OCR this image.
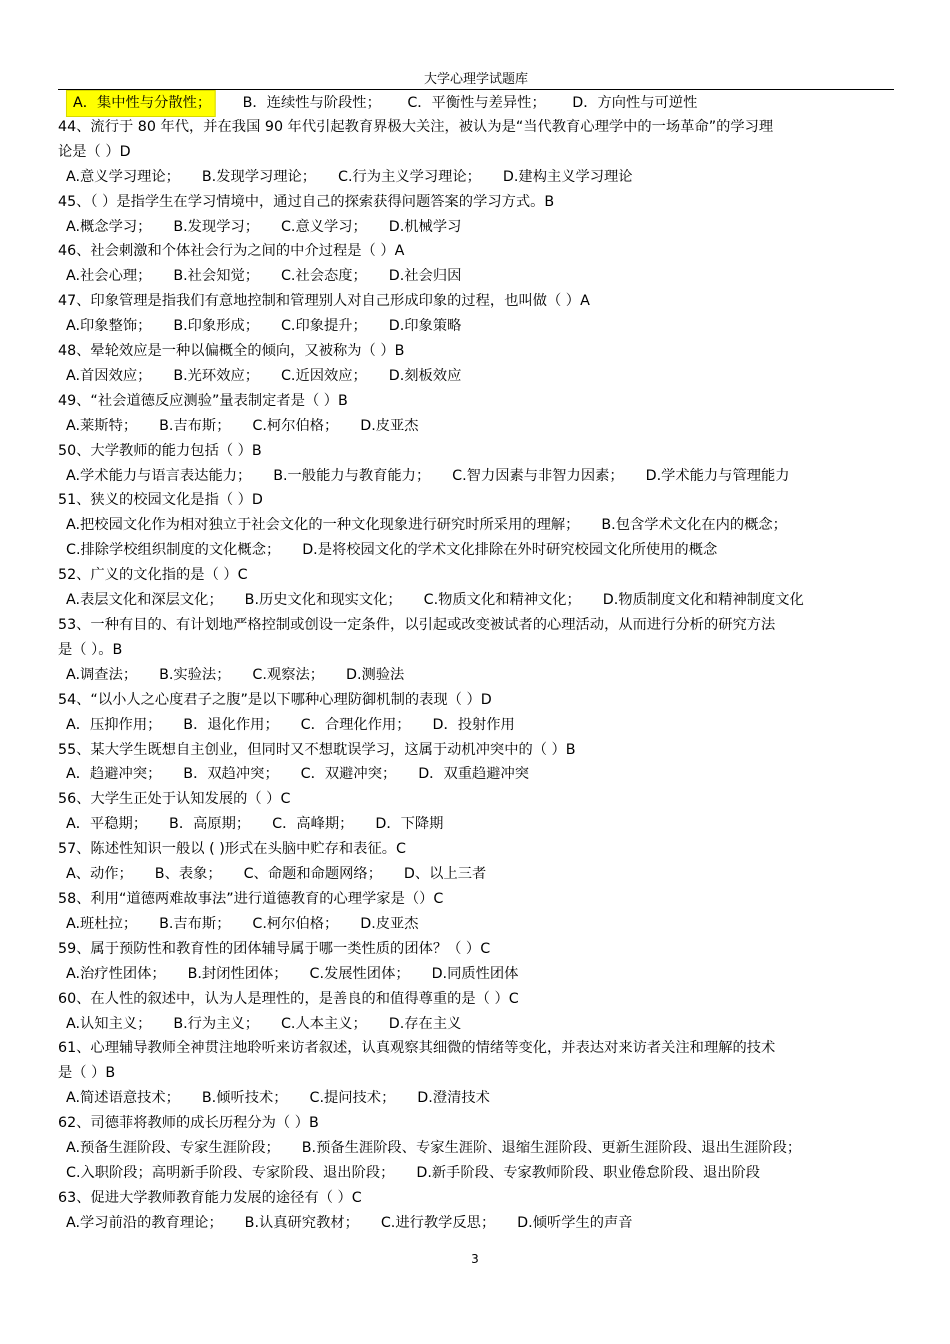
大学心理学试题库
A．集中性与分散性； B．连续性与阶段性； C．平衡性与差异性； D．方向性与可逆性
44、流行于 80 年代，并在我国 90 年代引起教育界极大关注，被认为是“当代教育心理学中的一场革命”的学习理
论是（ ）D
A.意义学习理论； B.发现学习理论； C.行为主义学习理论； D.建构主义学习理论
45、（ ）是指学生在学习情境中，通过自己的探索获得问题答案的学习方式。B
A.概念学习； B.发现学习； C.意义学习； D.机械学习
46、社会刺激和个体社会行为之间的中介过程是（ ）A
A.社会心理； B.社会知觉； C.社会态度； D.社会归因
47、印象管理是指我们有意地控制和管理别人对自己形成印象的过程，也叫做（ ）A
A.印象整饰； B.印象形成； C.印象提升； D.印象策略
48、晕轮效应是一种以偏概全的倾向，又被称为（ ）B
A.首因效应； B.光环效应； C.近因效应； D.刻板效应
49、“社会道德反应测验”量表制定者是（ ）B
A.莱斯特； B.吉布斯； C.柯尔伯格； D.皮亚杰
50、大学教师的能力包括（ ）B
A.学术能力与语言表达能力； B.一般能力与教育能力； C.智力因素与非智力因素； D.学术能力与管理能力
51、狭义的校园文化是指（ ）D
A.把校园文化作为相对独立于社会文化的一种文化现象进行研究时所采用的理解； B.包含学术文化在内的概念；
C.排除学校组织制度的文化概念； D.是将校园文化的学术文化排除在外时研究校园文化所使用的概念
52、广义的文化指的是（ ）C
A.表层文化和深层文化； B.历史文化和现实文化； C.物质文化和精神文化； D.物质制度文化和精神制度文化
53、一种有目的、有计划地严格控制或创设一定条件，以引起或改变被试者的心理活动，从而进行分析的研究方法
是（ ）。B
A.调查法； B.实验法； C.观察法； D.测验法
54、“以小人之心度君子之腹”是以下哪种心理防御机制的表现（ ）D
A．压抑作用； B．退化作用； C．合理化作用； D．投射作用
55、某大学生既想自主创业，但同时又不想耽误学习，这属于动机冲突中的（ ）B
A．趋避冲突； B．双趋冲突； C．双避冲突； D．双重趋避冲突
56、大学生正处于认知发展的（ ）C
A．平稳期； B．高原期； C．高峰期； D．下降期
57、陈述性知识一般以 ( )形式在头脑中贮存和表征。C
A、动作； B、表象； C、命题和命题网络； D、以上三者
58、利用“道德两难故事法”进行道德教育的心理学家是（）C
A.班杜拉； B.吉布斯； C.柯尔伯格； D.皮亚杰
59、属于预防性和教育性的团体辅导属于哪一类性质的团体？（ ）C
A.治疗性团体； B.封闭性团体； C.发展性团体； D.同质性团体
60、在人性的叙述中，认为人是理性的，是善良的和值得尊重的是（ ）C
A.认知主义； B.行为主义； C.人本主义； D.存在主义
61、心理辅导教师全神贯注地聆听来访者叙述，认真观察其细微的情绪等变化，并表达对来访者关注和理解的技术
是（ ）B
A.简述语意技术； B.倾听技术； C.提问技术； D.澄清技术
62、司德菲将教师的成长历程分为（ ）B
A.预备生涯阶段、专家生涯阶段； B.预备生涯阶段、专家生涯阶、退缩生涯阶段、更新生涯阶段、退出生涯阶段；
C.入职阶段；高明新手阶段、专家阶段、退出阶段； D.新手阶段、专家教师阶段、职业倦怠阶段、退出阶段
63、促进大学教师教育能力发展的途径有（ ）C
A.学习前沿的教育理论； B.认真研究教材； C.进行教学反思； D.倾听学生的声音
3
